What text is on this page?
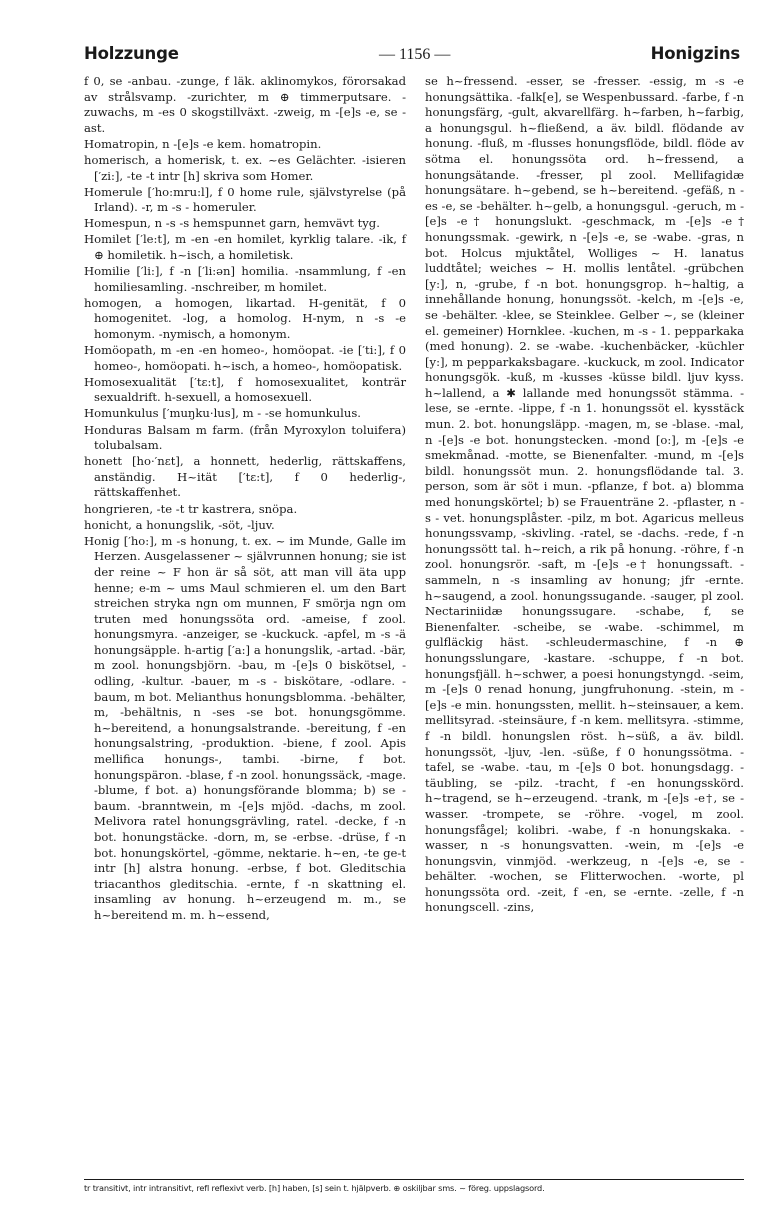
Holzzunge	— 1156 —	Honigzins

f 0, se -anbau. -zunge, f läk. aklinomykos, förorsakad av strålsvamp. -zurichter, m ⊕ timmerputsare. -zuwachs, m -es 0 skogstillväxt. -zweig, m -[e]s -e, se -ast.

Homatropin, n -[e]s -e kem. homatropin.

homerisch, a homerisk, t. ex. ~es Gelächter. -isieren [′zi:], -te -t intr [h] skriva som Homer.

Homerule [′ho:mru:l], f 0 home rule, självstyrelse (på Irland). -r, m -s - homeruler.

Homespun, n -s -s hemspunnet garn, hemvävt tyg.

Homilet [′le:t], m -en -en homilet, kyrklig talare. -ik, f ⊕ homiletik. h~isch, a homiletisk.

Homilie [′li:], f -n [′li:ən] homilia. -nsammlung, f -en homiliesamling. -nschreiber, m homilet.

homogen, a homogen, likartad. H-genität, f 0 homogenitet. -log, a homolog. H-nym, n -s -e homonym. -nymisch, a homonym.

Homöopath, m -en -en homeo-, homöopat. -ie [′ti:], f 0 homeo-, homöopati. h~isch, a homeo-, homöopatisk.

Homosexualität [′tε:t], f homosexualitet, konträr sexualdrift. h-sexuell, a homosexuell.

Homunkulus [′muŋku·lus], m - -se homunkulus.

Honduras Balsam m farm. (från Myroxylon toluifera) tolubalsam.

honett [ho·′nεt], a honnett, hederlig, rättskaffens, anständig. H~ität [′tε:t], f 0 hederlig-, rättskaffenhet.

hongrieren, -te -t tr kastrera, snöpa.

honicht, a honungslik, -söt, -ljuv.

Honig [′ho:], m -s honung, t. ex. ~ im Munde, Galle im Herzen. Ausgelassener ~ självrunnen honung; sie ist der reine ~ F hon är så söt, att man vill äta upp henne; e-m ~ ums Maul schmieren el. um den Bart streichen stryka ngn om munnen, F smörja ngn om truten med honungssöta ord. -ameise, f zool. honungsmyra. -anzeiger, se -kuckuck. -apfel, m -s -ä honungsäpple. h-artig [′a:] a honungslik, -artad. -bär, m zool. honungsbjörn. -bau, m -[e]s 0 biskötsel, -odling, -kultur. -bauer, m -s - biskötare, -odlare. -baum, m bot. Melianthus honungsblomma. -behälter, m, -behältnis, n -ses -se bot. honungsgömme. h~bereitend, a honungsalstrande. -bereitung, f -en honungsalstring, -produktion. -biene, f zool. Apis mellifica honungs-, tambi. -birne, f bot. honungspäron. -blase, f -n zool. honungssäck, -mage. -blume, f bot. a) honungsförande blomma; b) se -baum. -branntwein, m -[e]s mjöd. -dachs, m zool. Melivora ratel honungsgrävling, ratel. -decke, f -n bot. honungstäcke. -dorn, m, se -erbse. -drüse, f -n bot. honungskörtel, -gömme, nektarie. h~en, -te ge-t intr [h] alstra honung. -erbse, f bot. Gleditschia triacanthos gleditschia. -ernte, f -n skattning el. insamling av honung. h~erzeugend m. m., se h~bereitend m. m. h~essend,

se h~fressend. -esser, se -fresser. -essig, m -s -e honungsättika. -falk[e], se Wespenbussard. -farbe, f -n honungsfärg, -gult, akvarellfärg. h~farben, h~farbig, a honungsgul. h~fließend, a äv. bildl. flödande av honung. -fluß, m -flusses honungsflöde, bildl. flöde av sötma el. honungssöta ord. h~fressend, a honungsätande. -fresser, pl zool. Mellifagidæ honungsätare. h~gebend, se h~bereitend. -gefäß, n -es -e, se -behälter. h~gelb, a honungsgul. -geruch, m -[e]s -e† honungslukt. -geschmack, m -[e]s -e† honungssmak. -gewirk, n -[e]s -e, se -wabe. -gras, n bot. Holcus mjuktåtel, Wolliges ~ H. lanatus luddtåtel; weiches ~ H. mollis lentåtel. -grübchen [y:], n, -grube, f -n bot. honungsgrop. h~haltig, a innehållande honung, honungssöt. -kelch, m -[e]s -e, se -behälter. -klee, se Steinklee. Gelber ~, se (kleiner el. gemeiner) Hornklee. -kuchen, m -s - 1. pepparkaka (med honung). 2. se -wabe. -kuchenbäcker, -küchler [y:], m pepparkaksbagare. -kuckuck, m zool. Indicator honungsgök. -kuß, m -kusses -küsse bildl. ljuv kyss. h~lallend, a ✱ lallande med honungssöt stämma. -lese, se -ernte. -lippe, f -n 1. honungssöt el. kysstäck mun. 2. bot. honungsläpp. -magen, m, se -blase. -mal, n -[e]s -e bot. honungstecken. -mond [o:], m -[e]s -e smekmånad. -motte, se Bienenfalter. -mund, m -[e]s bildl. honungssöt mun. 2. honungsflödande tal. 3. person, som är söt i mun. -pflanze, f bot. a) blomma med honungskörtel; b) se Frauenträne 2. -pflaster, n -s - vet. honungsplåster. -pilz, m bot. Agaricus melleus honungssvamp, -skivling. -ratel, se -dachs. -rede, f -n honungssött tal. h~reich, a rik på honung. -röhre, f -n zool. honungsrör. -saft, m -[e]s -e† honungssaft. -sammeln, n -s insamling av honung; jfr -ernte. h~saugend, a zool. honungssugande. -sauger, pl zool. Nectariniidæ honungssugare. -schabe, f, se Bienenfalter. -scheibe, se -wabe. -schimmel, m gulfläckig häst. -schleudermaschine, f -n ⊕ honungsslungare, -kastare. -schuppe, f -n bot. honungsfjäll. h~schwer, a poesi honungstyngd. -seim, m -[e]s 0 renad honung, jungfruhonung. -stein, m -[e]s -e min. honungssten, mellit. h~steinsauer, a kem. mellitsyrad. -steinsäure, f -n kem. mellitsyra. -stimme, f -n bildl. honungslen röst. h~süß, a äv. bildl. honungssöt, -ljuv, -len. -süße, f 0 honungssötma. -tafel, se -wabe. -tau, m -[e]s 0 bot. honungsdagg. -täubling, se -pilz. -tracht, f -en honungsskörd. h~tragend, se h~erzeugend. -trank, m -[e]s -e†, se -wasser. -trompete, se -röhre. -vogel, m zool. honungsfågel; kolibri. -wabe, f -n honungskaka. -wasser, n -s honungsvatten. -wein, m -[e]s -e honungsvin, vinmjöd. -werkzeug, n -[e]s -e, se -behälter. -wochen, se Flitterwochen. -worte, pl honungssöta ord. -zeit, f -en, se -ernte. -zelle, f -n honungscell. -zins,

tr transitivt, intr intransitivt, refl reflexivt verb. [h] haben, [s] sein t. hjälpverb. ⊕ oskiljbar sms. ~ föreg. uppslagsord.
